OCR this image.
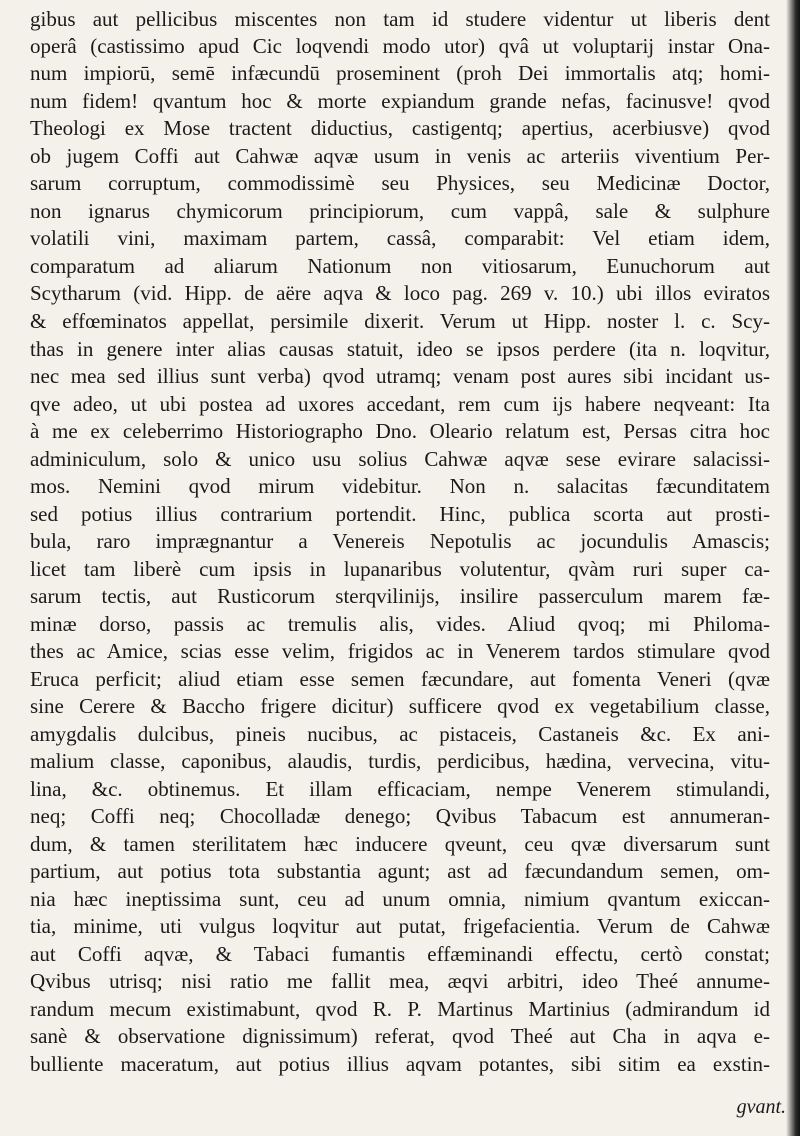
gibus aut pellicibus miscentes non tam id studere videntur ut liberis dent
operâ (castissimo apud Cic loqvendi modo utor) qvâ ut voluptarij instar Ona-
num impiorū, semē infæcundū proseminent (proh Dei immortalis atq; homi-
num fidem! qvantum hoc & morte expiandum grande nefas, facinusve! qvod
Theologi ex Mose tractent diductius, castigentq; apertius, acerbiusve) qvod
ob jugem Coffi aut Cahwæ aqvæ usum in venis ac arteriis viventium Per-
sarum corruptum, commodissimè seu Physices, seu Medicinæ Doctor,
non ignarus chymicorum principiorum, cum vappâ, sale & sulphure
volatili vini, maximam partem, cassâ, comparabit: Vel etiam idem,
comparatum ad aliarum Nationum non vitiosarum, Eunuchorum aut
Scytharum (vid. Hipp. de aëre aqva & loco pag. 269 v. 10.) ubi illos eviratos
& effœminatos appellat, persimile dixerit. Verum ut Hipp. noster l. c. Scy-
thas in genere inter alias causas statuit, ideo se ipsos perdere (ita n. loqvitur,
nec mea sed illius sunt verba) qvod utramq; venam post aures sibi incidant us-
qve adeo, ut ubi postea ad uxores accedant, rem cum ijs habere neqveant: Ita
à me ex celeberrimo Historiographo Dno. Oleario relatum est, Persas citra hoc
adminiculum, solo & unico usu solius Cahwæ aqvæ sese evirare salacissi-
mos. Nemini qvod mirum videbitur. Non n. salacitas fæcunditatem
sed potius illius contrarium portendit. Hinc, publica scorta aut prosti-
bula, raro imprægnantur a Venereis Nepotulis ac jocundulis Amascis;
licet tam liberè cum ipsis in lupanaribus volutentur, qvàm ruri super ca-
sarum tectis, aut Rusticorum sterqvilinijs, insilire passerculum marem fæ-
minæ dorso, passis ac tremulis alis, vides. Aliud qvoq; mi Philoma-
thes ac Amice, scias esse velim, frigidos ac in Venerem tardos stimulare qvod
Eruca perficit; aliud etiam esse semen fæcundare, aut fomenta Veneri (qvæ
sine Cerere & Baccho frigere dicitur) sufficere qvod ex vegetabilium classe,
amygdalis dulcibus, pineis nucibus, ac pistaceis, Castaneis &c. Ex ani-
malium classe, caponibus, alaudis, turdis, perdicibus, hædina, vervecina, vitu-
lina, &c. obtinemus. Et illam efficaciam, nempe Venerem stimulandi,
neq; Coffi neq; Chocolladæ denego; Qvibus Tabacum est annumeran-
dum, & tamen sterilitatem hæc inducere qveunt, ceu qvæ diversarum sunt
partium, aut potius tota substantia agunt; ast ad fæcundandum semen, om-
nia hæc ineptissima sunt, ceu ad unum omnia, nimium qvantum exiccan-
tia, minime, uti vulgus loqvitur aut putat, frigefacientia. Verum de Cahwæ
aut Coffi aqvæ, & Tabaci fumantis effæminandi effectu, certò constat;
Qvibus utrisq; nisi ratio me fallit mea, æqvi arbitri, ideo Theé annume-
randum mecum existimabunt, qvod R. P. Martinus Martinius (admirandum id
sanè & observatione dignissimum) referat, qvod Theé aut Cha in aqva e-
bulliente maceratum, aut potius illius aqvam potantes, sibi sitim ea exstin-
gvant.
